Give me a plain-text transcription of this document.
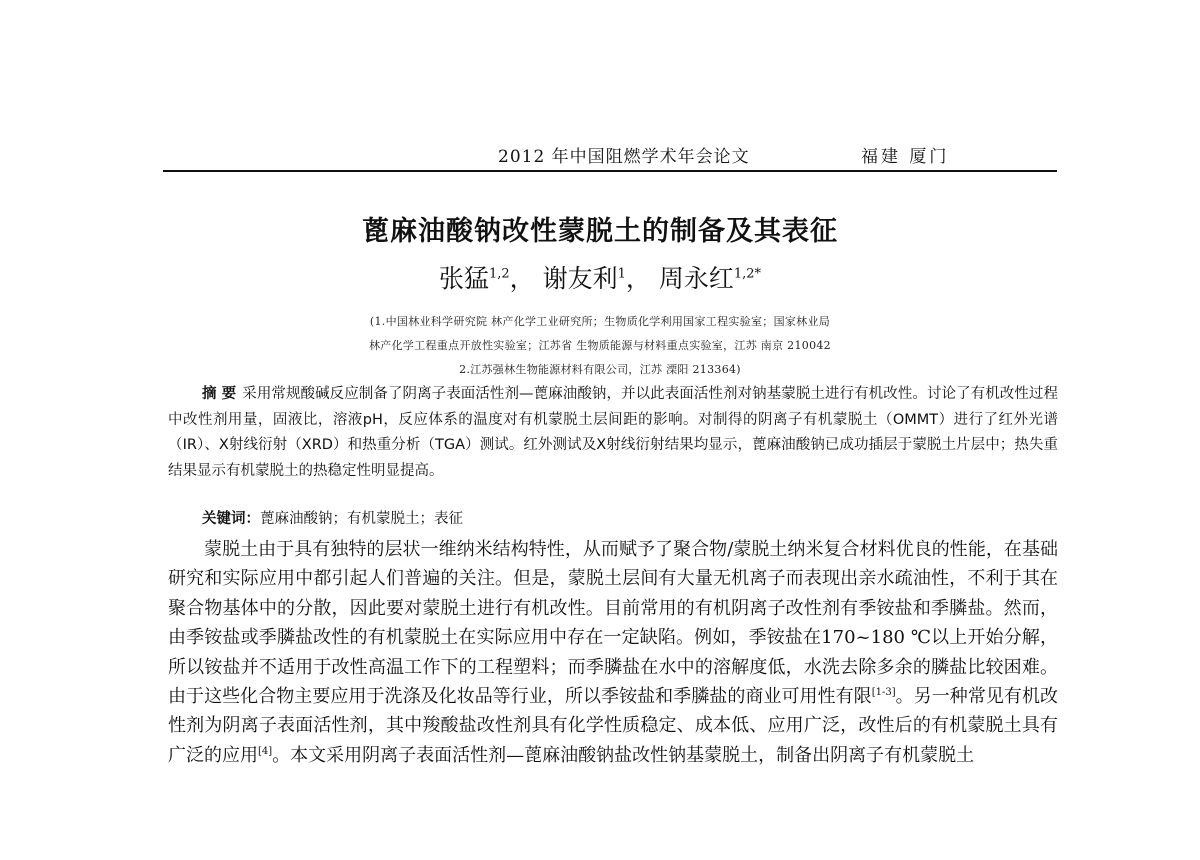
2012 年中国阻燃学术年会论文	福建 厦门
蓖麻油酸钠改性蒙脱土的制备及其表征
张猛$^{1,2}$， 谢友利$^1$， 周永红$^{1,2*}$
(1.中国林业科学研究院 林产化学工业研究所；生物质化学利用国家工程实验室；国家林业局
林产化学工程重点开放性实验室；江苏省 生物质能源与材料重点实验室，江苏 南京 210042
2.江苏强林生物能源材料有限公司，江苏 溧阳 213364)
摘 要 采用常规酸碱反应制备了阴离子表面活性剂—蓖麻油酸钠，并以此表面活性剂对钠基蒙脱土进行有机改性。讨论了有机改性过程中改性剂用量，固液比，溶液pH，反应体系的温度对有机蒙脱土层间距的影响。对制得的阴离子有机蒙脱土（OMMT）进行了红外光谱（IR）、X射线衍射（XRD）和热重分析（TGA）测试。红外测试及X射线衍射结果均显示，蓖麻油酸钠已成功插层于蒙脱土片层中；热失重结果显示有机蒙脱土的热稳定性明显提高。
关键词：蓖麻油酸钠；有机蒙脱土；表征
蒙脱土由于具有独特的层状一维纳米结构特性，从而赋予了聚合物/蒙脱土纳米复合材料优良的性能，在基础研究和实际应用中都引起人们普遍的关注。但是，蒙脱土层间有大量无机离子而表现出亲水疏油性，不利于其在聚合物基体中的分散，因此要对蒙脱土进行有机改性。目前常用的有机阴离子改性剂有季铵盐和季膦盐。然而，由季铵盐或季膦盐改性的有机蒙脱土在实际应用中存在一定缺陷。例如，季铵盐在170~180 ℃以上开始分解，所以铵盐并不适用于改性高温工作下的工程塑料；而季膦盐在水中的溶解度低，水洗去除多余的膦盐比较困难。由于这些化合物主要应用于洗涤及化妆品等行业，所以季铵盐和季膦盐的商业可用性有限[1-3]。另一种常见有机改性剂为阴离子表面活性剂，其中羧酸盐改性剂具有化学性质稳定、成本低、应用广泛，改性后的有机蒙脱土具有广泛的应用[4]。本文采用阴离子表面活性剂—蓖麻油酸钠盐改性钠基蒙脱土，制备出阴离子有机蒙脱土
